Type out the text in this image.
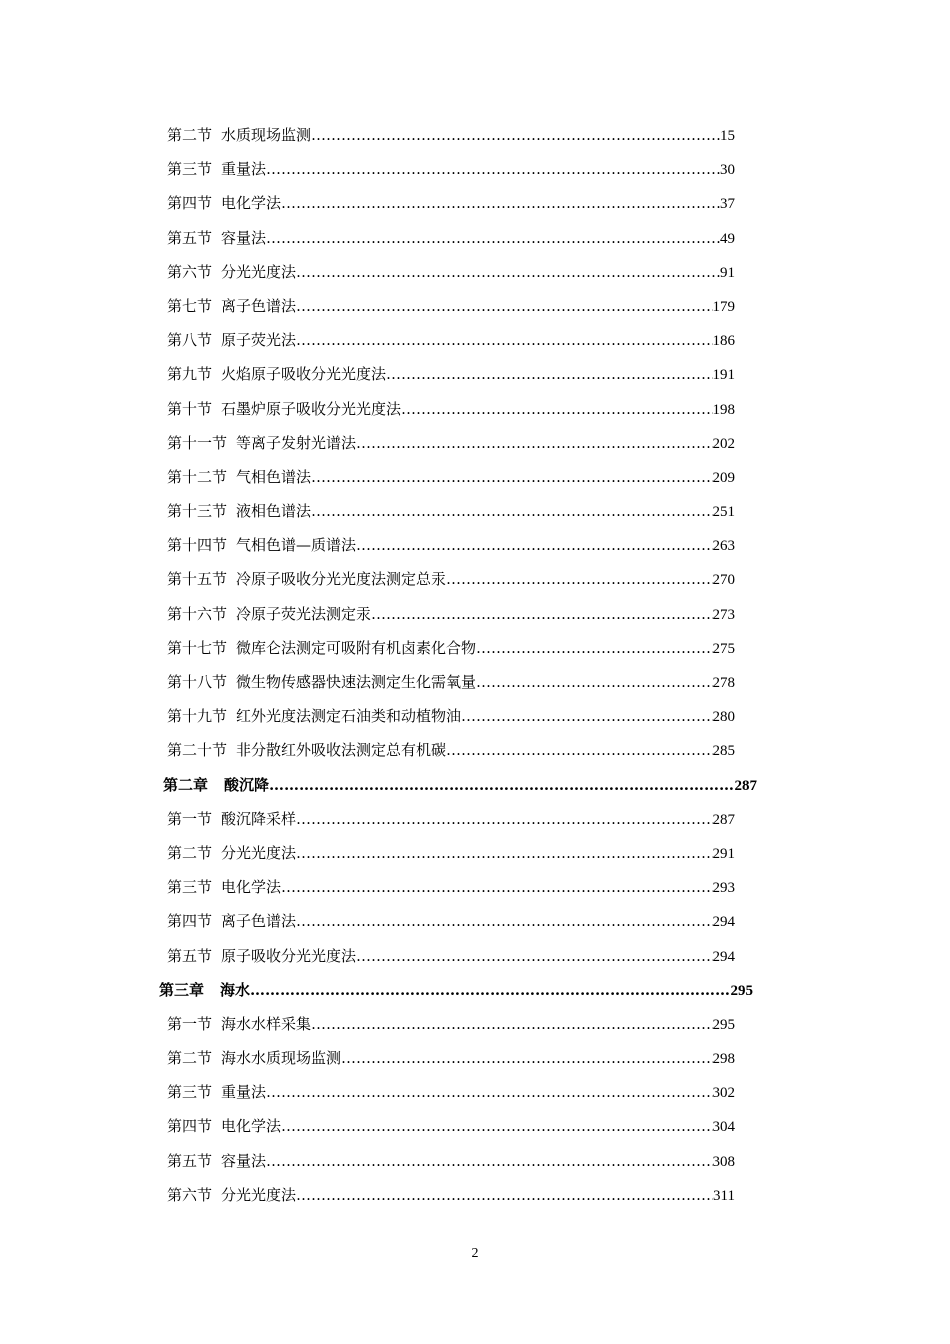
第二节 水质现场监测 …………………………………………………………………………………………………………………………………………………………………………………………………………	15
第三节 重量法 …………………………………………………………………………………………………………………………………………………………………………………………………………	30
第四节 电化学法 …………………………………………………………………………………………………………………………………………………………………………………………………………	37
第五节 容量法 …………………………………………………………………………………………………………………………………………………………………………………………………………	49
第六节 分光光度法 …………………………………………………………………………………………………………………………………………………………………………………………………………	91
第七节 离子色谱法 …………………………………………………………………………………………………………………………………………………………………………………………………………	179
第八节 原子荧光法 …………………………………………………………………………………………………………………………………………………………………………………………………………	186
第九节 火焰原子吸收分光光度法 …………………………………………………………………………………………………………………………………………………………………………………………………………	191
第十节 石墨炉原子吸收分光光度法 …………………………………………………………………………………………………………………………………………………………………………………………………………	198
第十一节 等离子发射光谱法 …………………………………………………………………………………………………………………………………………………………………………………………………………	202
第十二节 气相色谱法 …………………………………………………………………………………………………………………………………………………………………………………………………………	209
第十三节 液相色谱法 …………………………………………………………………………………………………………………………………………………………………………………………………………	251
第十四节 气相色谱—质谱法 …………………………………………………………………………………………………………………………………………………………………………………………………………	263
第十五节 冷原子吸收分光光度法测定总汞 …………………………………………………………………………………………………………………………………………………………………………………………………………	270
第十六节 冷原子荧光法测定汞 …………………………………………………………………………………………………………………………………………………………………………………………………………	273
第十七节 微库仑法测定可吸附有机卤素化合物 …………………………………………………………………………………………………………………………………………………………………………………………………………	275
第十八节 微生物传感器快速法测定生化需氧量 …………………………………………………………………………………………………………………………………………………………………………………………………………	278
第十九节 红外光度法测定石油类和动植物油 …………………………………………………………………………………………………………………………………………………………………………………………………………	280
第二十节 非分散红外吸收法测定总有机碳 …………………………………………………………………………………………………………………………………………………………………………………………………………	285
第二章 酸沉降 …………………………………………………………………………………………………………………………………………………………………………………………………………	287
第一节 酸沉降采样 …………………………………………………………………………………………………………………………………………………………………………………………………………	287
第二节 分光光度法 …………………………………………………………………………………………………………………………………………………………………………………………………………	291
第三节 电化学法 …………………………………………………………………………………………………………………………………………………………………………………………………………	293
第四节 离子色谱法 …………………………………………………………………………………………………………………………………………………………………………………………………………	294
第五节 原子吸收分光光度法 …………………………………………………………………………………………………………………………………………………………………………………………………………	294
第三章 海水 …………………………………………………………………………………………………………………………………………………………………………………………………………	295
第一节 海水水样采集 …………………………………………………………………………………………………………………………………………………………………………………………………………	295
第二节 海水水质现场监测 …………………………………………………………………………………………………………………………………………………………………………………………………………	298
第三节 重量法 …………………………………………………………………………………………………………………………………………………………………………………………………………	302
第四节 电化学法 …………………………………………………………………………………………………………………………………………………………………………………………………………	304
第五节 容量法 …………………………………………………………………………………………………………………………………………………………………………………………………………	308
第六节 分光光度法 …………………………………………………………………………………………………………………………………………………………………………………………………………	311
2
